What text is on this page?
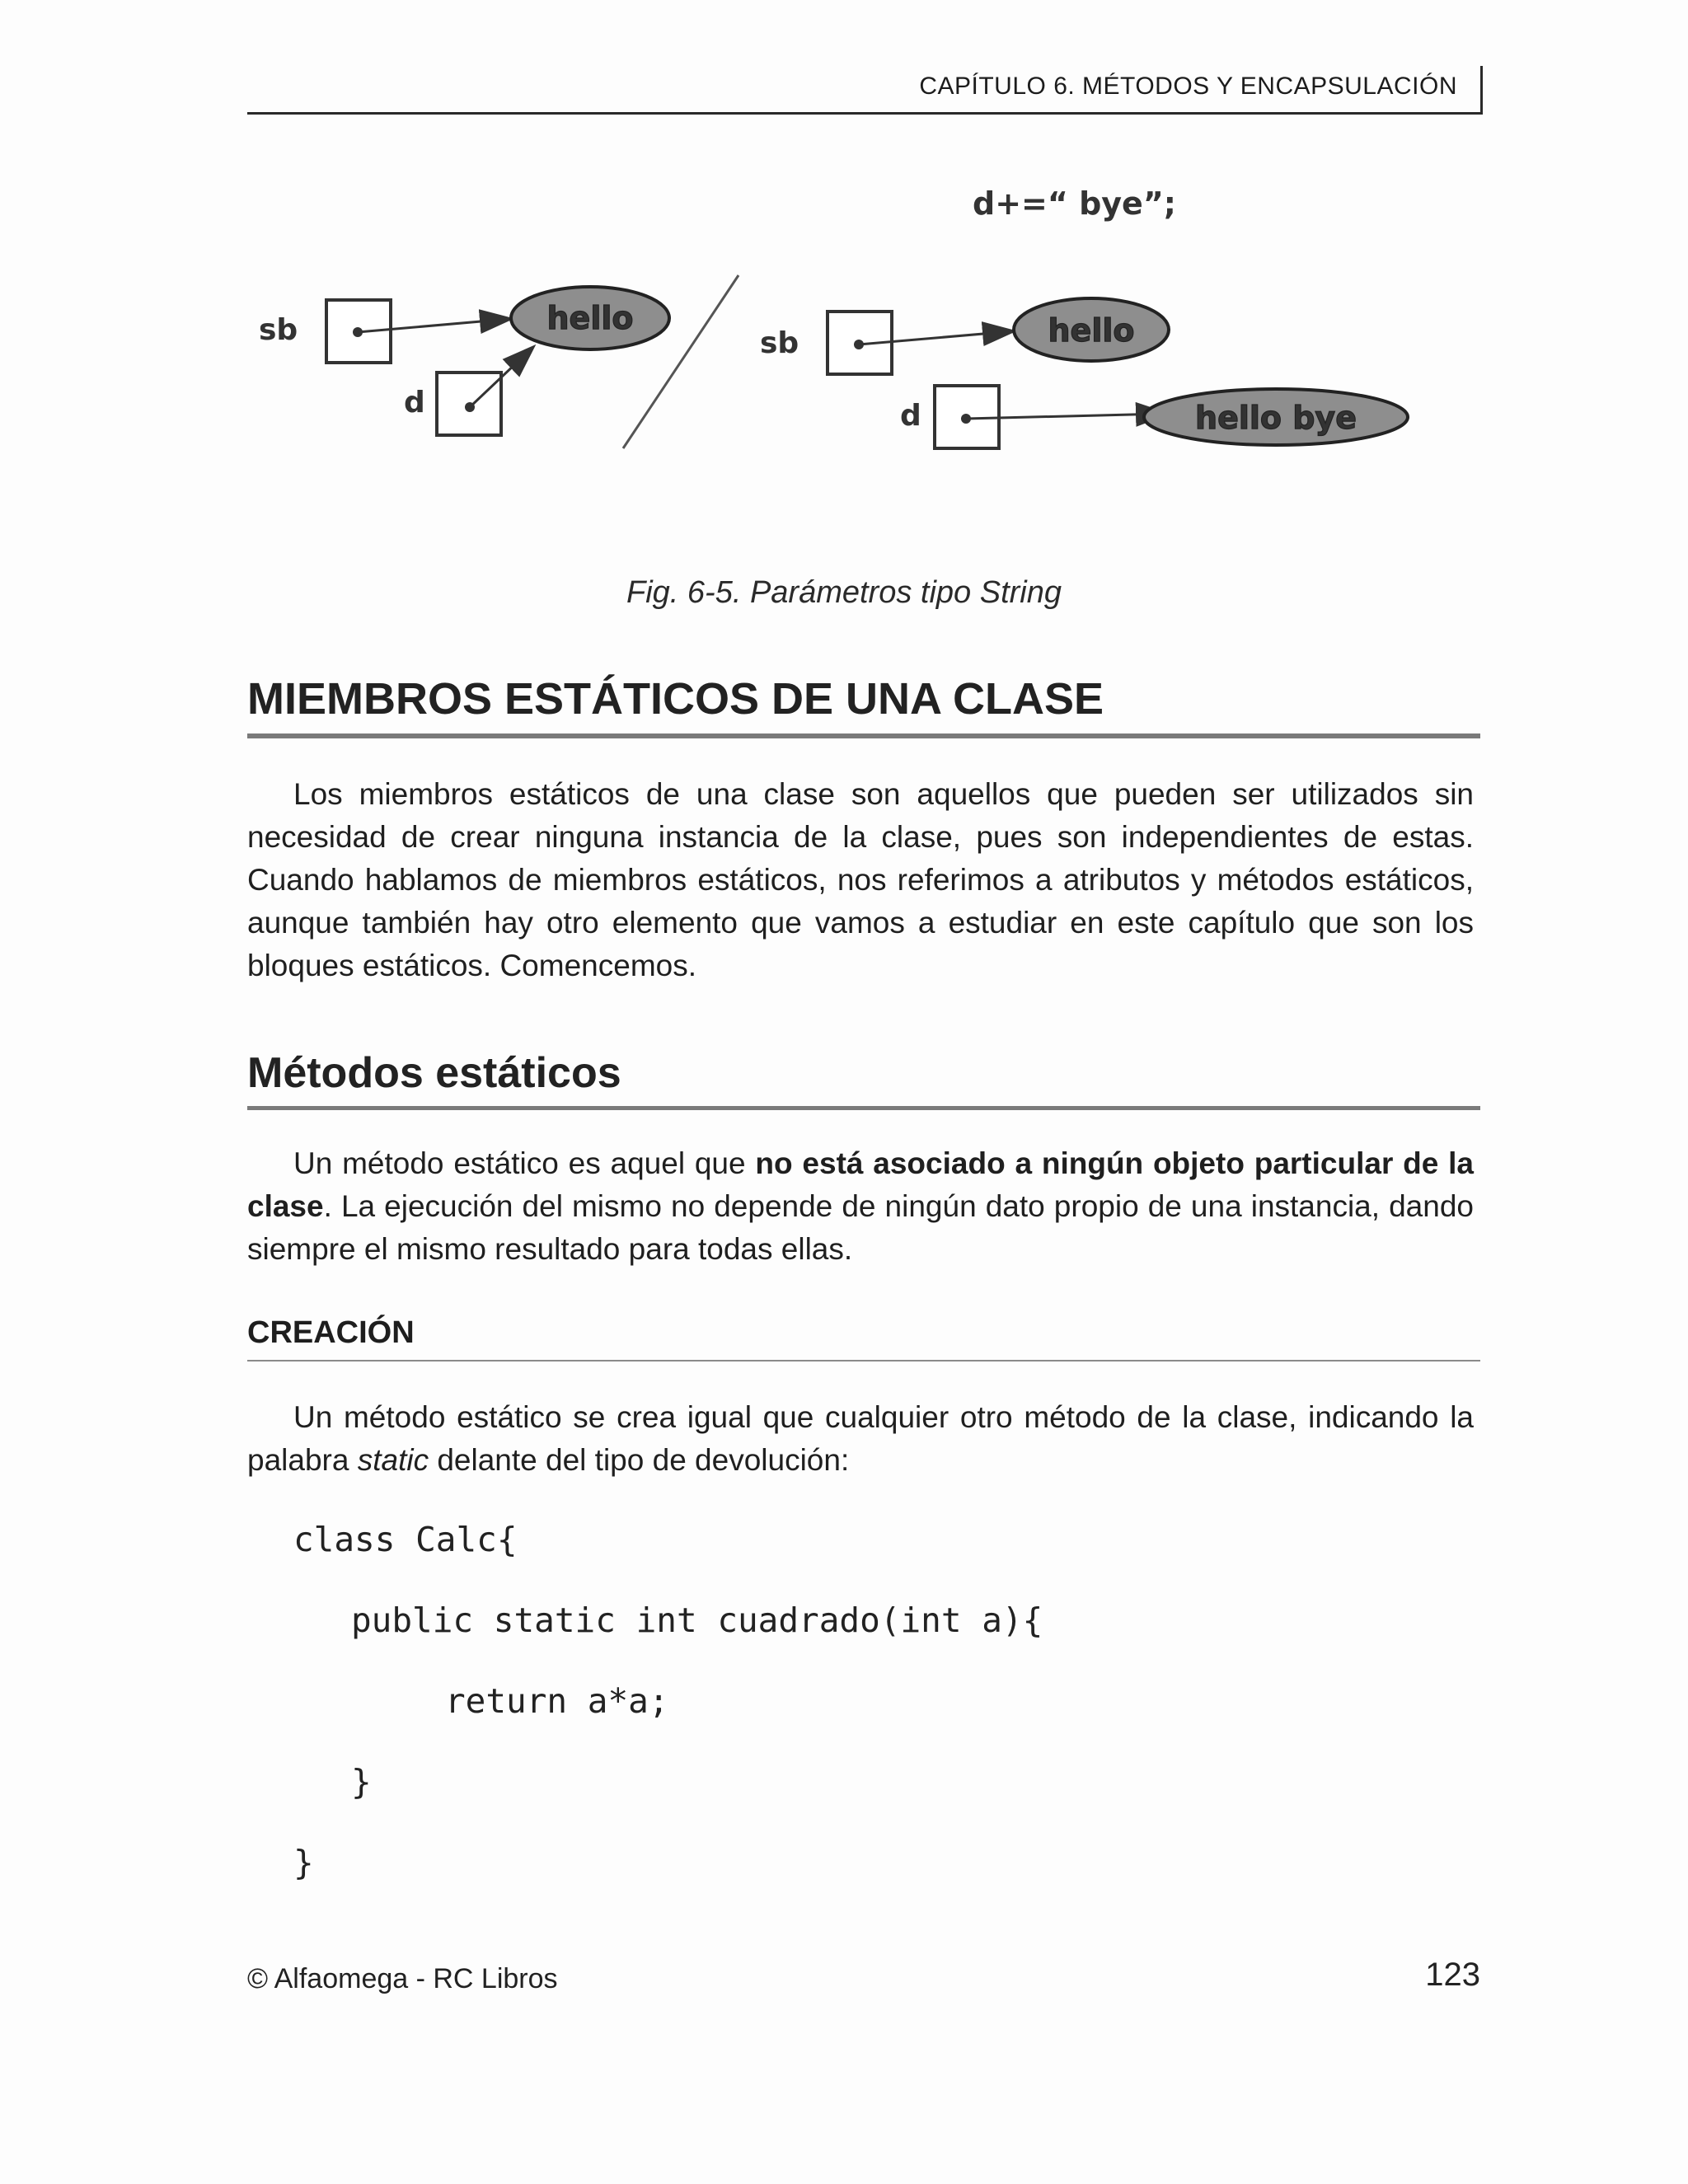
CAPÍTULO 6. MÉTODOS Y ENCAPSULACIÓN
sb	hello
d
d+=“ bye”;
sb	hello
d	hello bye
Fig. 6-5. Parámetros tipo String
MIEMBROS ESTÁTICOS DE UNA CLASE
Los miembros estáticos de una clase son aquellos que pueden ser utilizados sin necesidad de crear ninguna instancia de la clase, pues son independientes de estas. Cuando hablamos de miembros estáticos, nos referimos a atributos y métodos estáticos, aunque también hay otro elemento que vamos a estudiar en este capítulo que son los bloques estáticos. Comencemos.
Métodos estáticos
Un método estático es aquel que no está asociado a ningún objeto particular de la clase. La ejecución del mismo no depende de ningún dato propio de una instancia, dando siempre el mismo resultado para todas ellas.
CREACIÓN
Un método estático se crea igual que cualquier otro método de la clase, indicando la palabra static delante del tipo de devolución:
class Calc{
public static int cuadrado(int a){
return a*a;
}
}
© Alfaomega - RC Libros	123
